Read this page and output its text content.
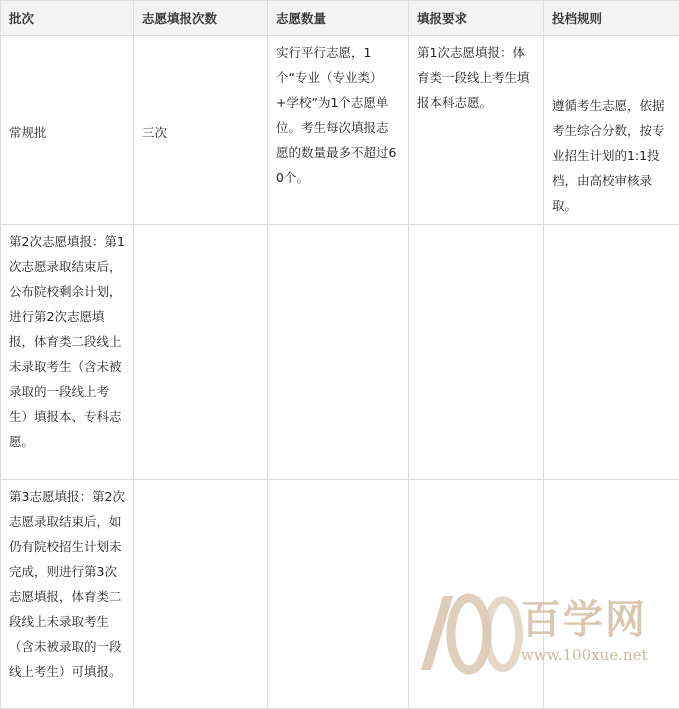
批次	志愿填报次数	志愿数量	填报要求	投档规则
常规批	三次	实行平行志愿，1个“专业（专业类）+学校”为1个志愿单位。考生每次填报志愿的数量最多不超过60个。	第1次志愿填报：体育类一段线上考生填报本科志愿。	遵循考生志愿，依据考生综合分数，按专业招生计划的1:1投档，由高校审核录取。
第2次志愿填报：第1次志愿录取结束后，公布院校剩余计划，进行第2次志愿填报，体育类二段线上未录取考生（含未被录取的一段线上考生）填报本、专科志愿。				
第3志愿填报：第2次志愿录取结束后，如仍有院校招生计划未完成，则进行第3次志愿填报，体育类二段线上未录取考生（含未被录取的一段线上考生）可填报。				
百学网
www.100xue.net
